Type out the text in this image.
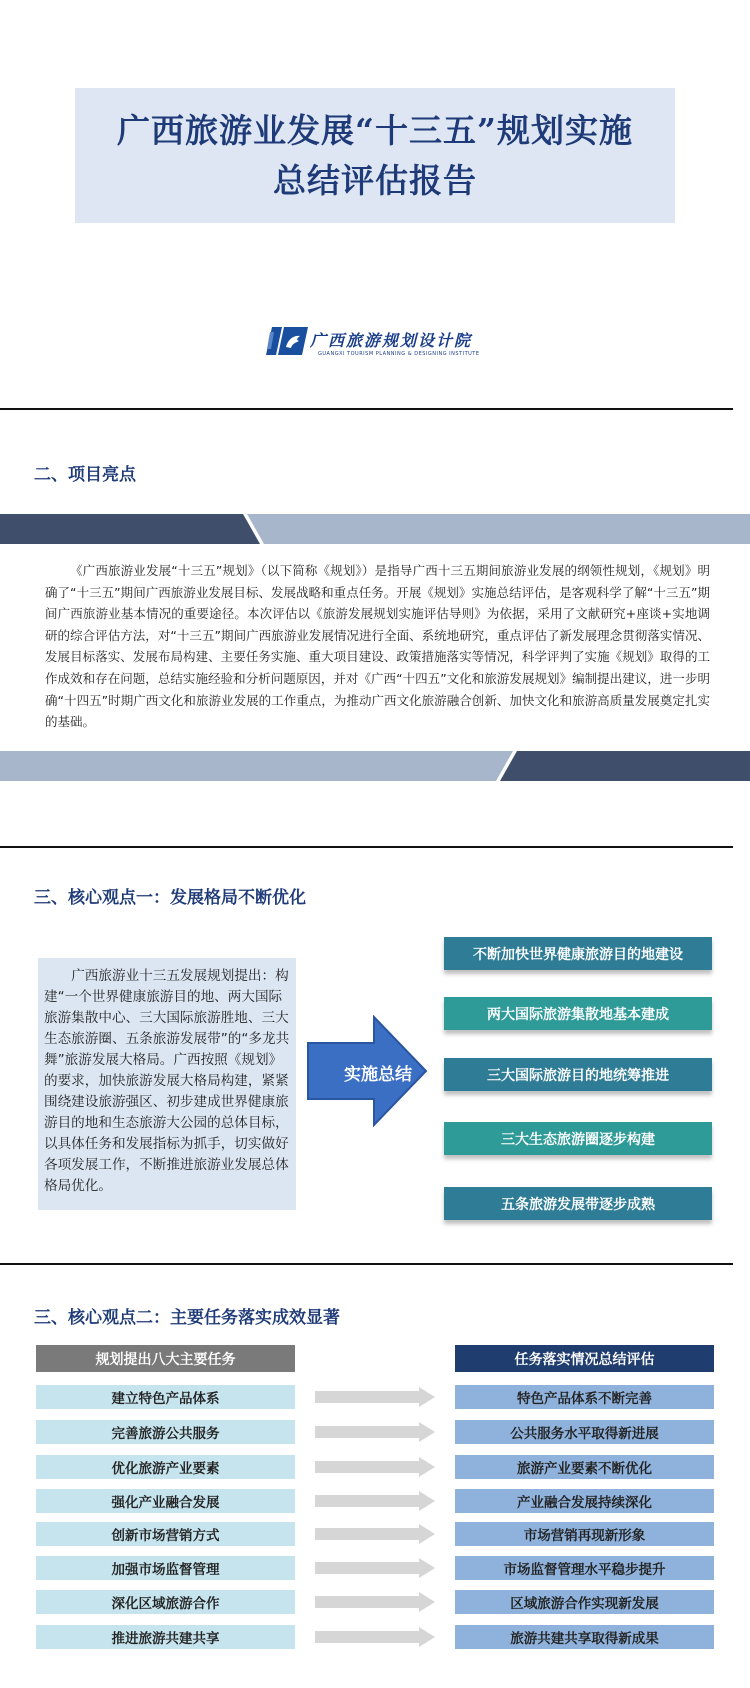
广西旅游业发展“十三五”规划实施
总结评估报告
广西旅游规划设计院
GUANGXI TOURISM PLANNING & DESIGNING INSTITUTE
二、项目亮点
《广西旅游业发展“十三五”规划》（以下简称《规划》）是指导广西十三五期间旅游业发展的纲领性规划，《规划》明确了“十三五”期间广西旅游业发展目标、发展战略和重点任务。开展《规划》实施总结评估，是客观科学了解“十三五”期间广西旅游业基本情况的重要途径。本次评估以《旅游发展规划实施评估导则》为依据，采用了文献研究+座谈+实地调研的综合评估方法，对“十三五”期间广西旅游业发展情况进行全面、系统地研究，重点评估了新发展理念贯彻落实情况、发展目标落实、发展布局构建、主要任务实施、重大项目建设、政策措施落实等情况，科学评判了实施《规划》取得的工作成效和存在问题，总结实施经验和分析问题原因，并对《广西“十四五”文化和旅游发展规划》编制提出建议，进一步明确“十四五”时期广西文化和旅游业发展的工作重点，为推动广西文化旅游融合创新、加快文化和旅游高质量发展奠定扎实的基础。
三、核心观点一：发展格局不断优化
广西旅游业十三五发展规划提出：构建“一个世界健康旅游目的地、两大国际旅游集散中心、三大国际旅游胜地、三大生态旅游圈、五条旅游发展带”的“多龙共舞”旅游发展大格局。广西按照《规划》的要求，加快旅游发展大格局构建，紧紧围绕建设旅游强区、初步建成世界健康旅游目的地和生态旅游大公园的总体目标，以具体任务和发展指标为抓手，切实做好各项发展工作，不断推进旅游业发展总体格局优化。
实施总结
不断加快世界健康旅游目的地建设
两大国际旅游集散地基本建成
三大国际旅游目的地统筹推进
三大生态旅游圈逐步构建
五条旅游发展带逐步成熟
三、核心观点二：主要任务落实成效显著
规划提出八大主要任务	任务落实情况总结评估
建立特色产品体系
完善旅游公共服务
优化旅游产业要素
强化产业融合发展
创新市场营销方式
加强市场监督管理
深化区域旅游合作
推进旅游共建共享
特色产品体系不断完善
公共服务水平取得新进展
旅游产业要素不断优化
产业融合发展持续深化
市场营销再现新形象
市场监督管理水平稳步提升
区域旅游合作实现新发展
旅游共建共享取得新成果
